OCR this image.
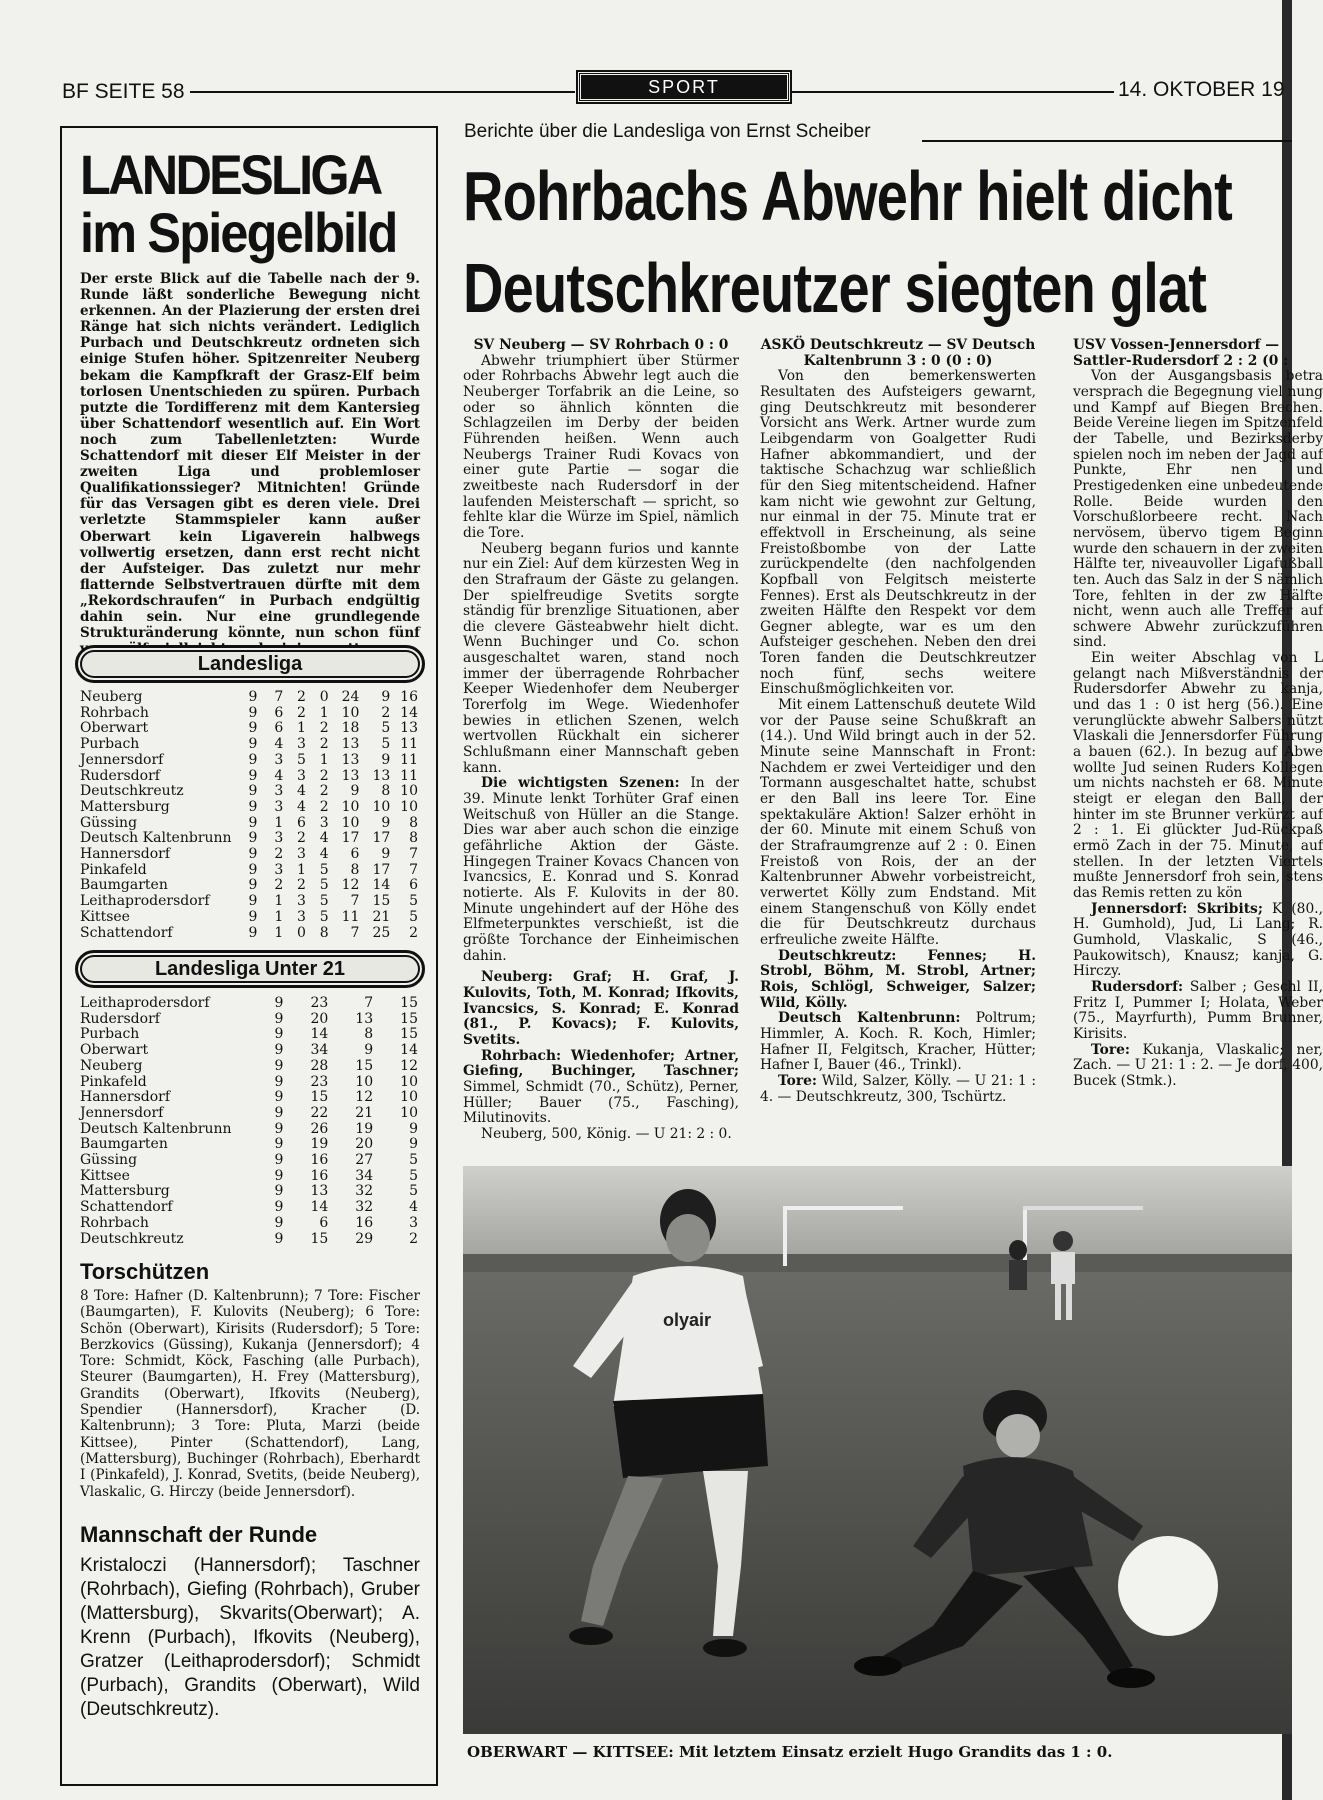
BF SEITE 58	SPORT	14. OKTOBER 19
LANDESLIGA
im Spiegelbild
Der erste Blick auf die Tabelle nach der 9. Runde läßt sonderliche Bewegung nicht erkennen. An der Plazierung der ersten drei Ränge hat sich nichts verändert. Lediglich Purbach und Deutschkreutz ordneten sich einige Stufen höher. Spitzenreiter Neuberg bekam die Kampfkraft der Grasz-Elf beim torlosen Unentschieden zu spüren. Purbach putzte die Tordifferenz mit dem Kantersieg über Schattendorf wesentlich auf. Ein Wort noch zum Tabellenletzten: Wurde Schattendorf mit dieser Elf Meister in der zweiten Liga und problemloser Qualifikationssieger? Mitnichten! Gründe für das Versagen gibt es deren viele. Drei verletzte Stammspieler kann außer Oberwart kein Ligaverein halbwegs vollwertig ersetzen, dann erst recht nicht der Aufsteiger. Das zuletzt nur mehr flatternde Selbstvertrauen dürfte mit dem „Rekordschraufen“ in Purbach endgültig dahin sein. Nur eine grundlegende Strukturänderung könnte, nun schon fünf
Landesliga
Neuberg	9	7	2	0	24	9	16
Rohrbach	9	6	2	1	10	2	14
Oberwart	9	6	1	2	18	5	13
Purbach	9	4	3	2	13	5	11
Jennersdorf	9	3	5	1	13	9	11
Rudersdorf	9	4	3	2	13	13	11
Deutschkreutz	9	3	4	2	9	8	10
Mattersburg	9	3	4	2	10	10	10
Güssing	9	1	6	3	10	9	8
Deutsch Kaltenbrunn	9	3	2	4	17	17	8
Hannersdorf	9	2	3	4	6	9	7
Pinkafeld	9	3	1	5	8	17	7
Baumgarten	9	2	2	5	12	14	6
Leithaprodersdorf	9	1	3	5	7	15	5
Kittsee	9	1	3	5	11	21	5
Schattendorf	9	1	0	8	7	25	2
Landesliga Unter 21
Leithaprodersdorf	9	23	7	15
Rudersdorf	9	20	13	15
Purbach	9	14	8	15
Oberwart	9	34	9	14
Neuberg	9	28	15	12
Pinkafeld	9	23	10	10
Hannersdorf	9	15	12	10
Jennersdorf	9	22	21	10
Deutsch Kaltenbrunn	9	26	19	9
Baumgarten	9	19	20	9
Güssing	9	16	27	5
Kittsee	9	16	34	5
Mattersburg	9	13	32	5
Schattendorf	9	14	32	4
Rohrbach	9	6	16	3
Deutschkreutz	9	15	29	2
Torschützen
8 Tore: Hafner (D. Kaltenbrunn); 7 Tore: Fischer (Baumgarten), F. Kulovits (Neuberg); 6 Tore: Schön (Oberwart), Kirisits (Rudersdorf); 5 Tore: Berzkovics (Güssing), Kukanja (Jennersdorf); 4 Tore: Schmidt, Köck, Fasching (alle Purbach), Steurer (Baumgarten), H. Frey (Mattersburg), Grandits (Oberwart), Ifkovits (Neuberg), Spendier (Hannersdorf), Kracher (D. Kaltenbrunn); 3 Tore: Pluta, Marzi (beide Kittsee), Pinter (Schattendorf), Lang, (Mattersburg), Buchinger (Rohrbach), Eberhardt I (Pinkafeld), J. Konrad, Svetits, (beide Neuberg), Vlaskalic, G. Hirczy (beide Jennersdorf).
Mannschaft der Runde
Kristaloczi (Hannersdorf); Taschner (Rohrbach), Giefing (Rohrbach), Gruber (Mattersburg), Skvarits(Oberwart); A. Krenn (Purbach), Ifkovits (Neuberg), Gratzer (Leithaprodersdorf); Schmidt (Purbach), Grandits (Oberwart), Wild (Deutschkreutz).
Berichte über die Landesliga von Ernst Scheiber
Rohrbachs Abwehr hielt dicht
Deutschkreutzer siegten glat
SV Neuberg — SV Rohrbach 0 : 0

Abwehr triumphiert über Stürmer oder Rohrbachs Abwehr legt auch die Neuberger Torfabrik an die Leine, so oder so ähnlich könnten die Schlagzeilen im Derby der beiden Führenden heißen. Wenn auch Neubergs Trainer Rudi Kovacs von einer gute Partie — sogar die zweitbeste nach Rudersdorf in der laufenden Meisterschaft — spricht, so fehlte klar die Würze im Spiel, nämlich die Tore.

Neuberg begann furios und kannte nur ein Ziel: Auf dem kürzesten Weg in den Strafraum der Gäste zu gelangen. Der spielfreudige Svetits sorgte ständig für brenzlige Situationen, aber die clevere Gästeabwehr hielt dicht. Wenn Buchinger und Co. schon ausgeschaltet waren, stand noch immer der überragende Rohrbacher Keeper Wiedenhofer dem Neuberger Torerfolg im Wege. Wiedenhofer bewies in etlichen Szenen, welch wertvollen Rückhalt ein sicherer Schlußmann einer Mannschaft geben kann.

Die wichtigsten Szenen: In der 39. Minute lenkt Torhüter Graf einen Weitschuß von Hüller an die Stange. Dies war aber auch schon die einzige gefährliche Aktion der Gäste. Hingegen Trainer Kovacs Chancen von Ivancsics, E. Konrad und S. Konrad notierte. Als F. Kulovits in der 80. Minute ungehindert auf der Höhe des Elfmeterpunktes verschießt, ist die größte Torchance der Einheimischen dahin.

Neuberg: Graf; H. Graf, J. Kulovits, Toth, M. Konrad; Ifkovits, Ivancsics, S. Konrad; E. Konrad (81., P. Kovacs); F. Kulovits, Svetits.

Rohrbach: Wiedenhofer; Artner, Giefing, Buchinger, Taschner; Simmel, Schmidt (70., Schütz), Perner, Hüller; Bauer (75., Fasching), Milutinovits.

Neuberg, 500, König. — U 21: 2 : 0.

ASKÖ Deutschkreutz — SV Deutsch Kaltenbrunn 3 : 0 (0 : 0)

Von den bemerkenswerten Resultaten des Aufsteigers gewarnt, ging Deutschkreutz mit besonderer Vorsicht ans Werk. Artner wurde zum Leibgendarm von Goalgetter Rudi Hafner abkommandiert, und der taktische Schachzug war schließlich für den Sieg mitentscheidend. Hafner kam nicht wie gewohnt zur Geltung, nur einmal in der 75. Minute trat er effektvoll in Erscheinung, als seine Freistoßbombe von der Latte zurückpendelte (den nachfolgenden Kopfball von Felgitsch meisterte Fennes). Erst als Deutschkreutz in der zweiten Hälfte den Respekt vor dem Gegner ablegte, war es um den Aufsteiger geschehen. Neben den drei Toren fanden die Deutschkreutzer noch fünf, sechs weitere Einschußmöglichkeiten vor.

Mit einem Lattenschuß deutete Wild vor der Pause seine Schußkraft an (14.). Und Wild bringt auch in der 52. Minute seine Mannschaft in Front: Nachdem er zwei Verteidiger und den Tormann ausgeschaltet hatte, schubst er den Ball ins leere Tor. Eine spektakuläre Aktion! Salzer erhöht in der 60. Minute mit einem Schuß von der Strafraumgrenze auf 2 : 0. Einen Freistoß von Rois, der an der Kaltenbrunner Abwehr vorbeistreicht, verwertet Kölly zum Endstand. Mit einem Stangenschuß von Kölly endet die für Deutschkreutz durchaus erfreuliche zweite Hälfte.

Deutschkreutz: Fennes; H. Strobl, Böhm, M. Strobl, Artner; Rois, Schlögl, Schweiger, Salzer; Wild, Kölly.

Deutsch Kaltenbrunn: Poltrum; Himmler, A. Koch. R. Koch, Himler; Hafner II, Felgitsch, Kracher, Hütter; Hafner I, Bauer (46., Trinkl).

Tore: Wild, Salzer, Kölly. — U 21: 1 : 4. — Deutschkreutz, 300, Tschürtz.

USV Vossen-Jennersdorf — Sattler-Rudersdorf 2 : 2 (0 :

Von der Ausgangsbasis betra versprach die Begegnung viel nung und Kampf auf Biegen Brechen. Beide Vereine liegen im Spitzenfeld der Tabelle, und Bezirksderby spielen noch im neben der Jagd auf Punkte, Ehr nen und Prestigedenken eine unbedeutende Rolle. Beide wurden den Vorschußlorbeere recht. Nach nervösem, übervo tigem Beginn wurde den schauern in der zweiten Hälfte ter, niveauvoller Ligafußball ten. Auch das Salz in der S nämlich Tore, fehlten in der zw Hälfte nicht, wenn auch alle Treffer auf schwere Abwehr zurückzuführen sind.

Ein weiter Abschlag von L gelangt nach Mißverständnis der Rudersdorfer Abwehr zu kanja, und das 1 : 0 ist herg (56.). Eine verunglückte abwehr Salbers nützt Vlaskali die Jennersdorfer Führung a bauen (62.). In bezug auf Abwe wollte Jud seinen Ruders Kollegen um nichts nachsteh er 68. Minute steigt er elegan den Ball, der hinter im ste Brunner verkürzt auf 2 : 1. Ei glückter Jud-Rückpaß ermö Zach in der 75. Minute, auf stellen. In der letzten Viertels mußte Jennersdorf froh sein, stens das Remis retten zu kön

Jennersdorf: Skribits; K (80., H. Gumhold), Jud, Li Lang; R. Gumhold, Vlaskalic, S (46., Paukowitsch), Knausz; kanja, G. Hirczy.

Rudersdorf: Salber ; Geschl II, Fritz I, Pummer I; Holata, Weber (75., Mayrfurth), Pumm Brunner, Kirisits.

Tore: Kukanja, Vlaskalic; ner, Zach. — U 21: 1 : 2. — Je dorf, 400, Bucek (Stmk.).

olyair
OBERWART — KITTSEE: Mit letztem Einsatz erzielt Hugo Grandits das 1 : 0.
